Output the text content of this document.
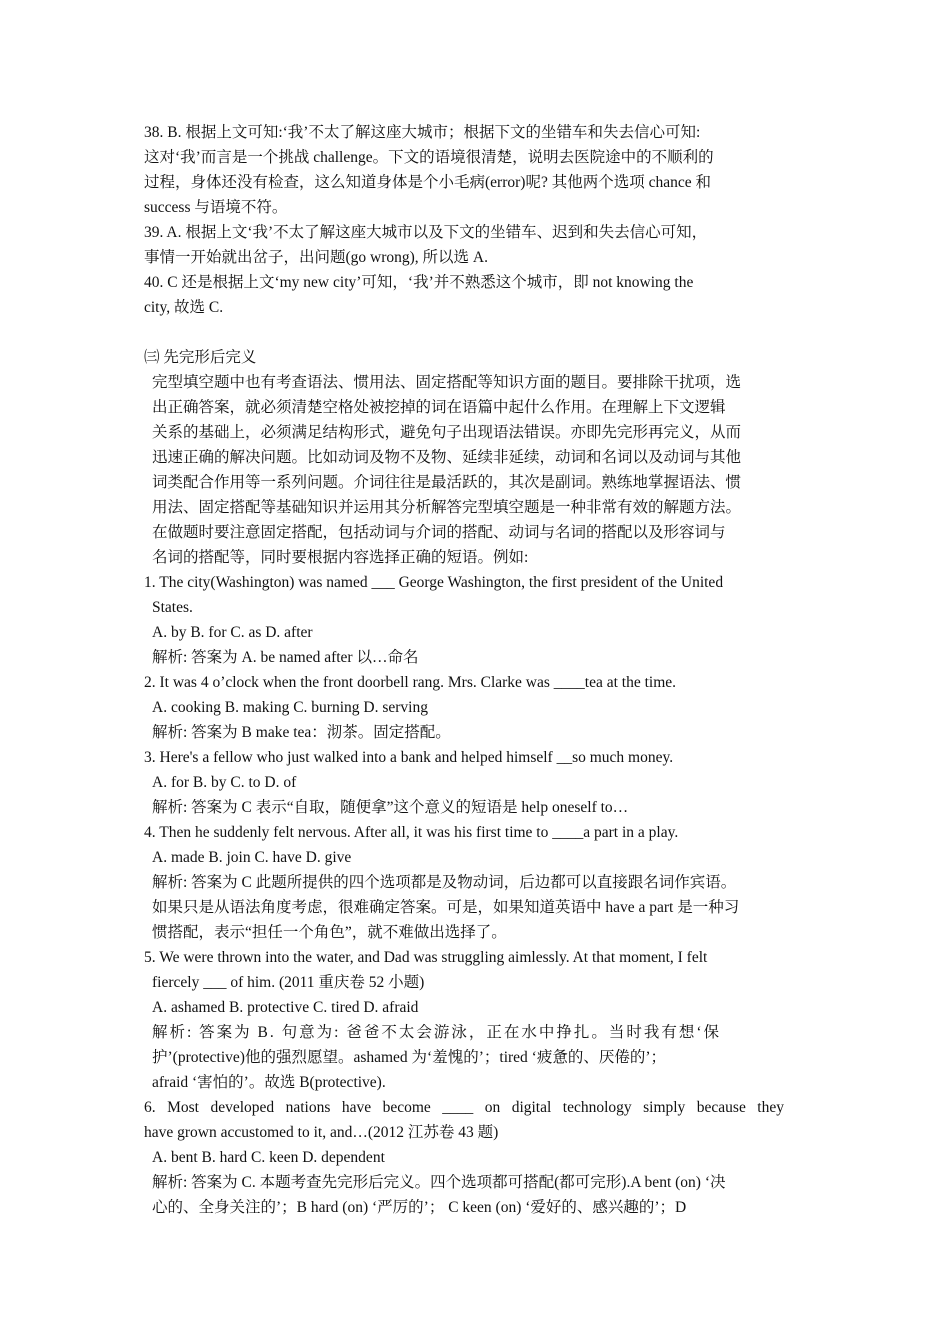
38. B. 根据上文可知:‘我’不太了解这座大城市；根据下文的坐错车和失去信心可知:

这对‘我’而言是一个挑战 challenge。下文的语境很清楚，说明去医院途中的不顺利的

过程，身体还没有检查，这么知道身体是个小毛病(error)呢? 其他两个选项 chance 和

success 与语境不符。

39. A. 根据上文‘我’不太了解这座大城市以及下文的坐错车、迟到和失去信心可知，

事情一开始就出岔子，出问题(go wrong), 所以选 A.

40. C 还是根据上文‘my new city’可知，‘我’并不熟悉这个城市，即 not knowing the

city, 故选 C.

㈢ 先完形后完义

完型填空题中也有考查语法、惯用法、固定搭配等知识方面的题目。要排除干扰项，选

出正确答案，就必须清楚空格处被挖掉的词在语篇中起什么作用。在理解上下文逻辑

关系的基础上，必须满足结构形式，避免句子出现语法错误。亦即先完形再完义，从而

迅速正确的解决问题。比如动词及物不及物、延续非延续，动词和名词以及动词与其他

词类配合作用等一系列问题。介词往往是最活跃的，其次是副词。熟练地掌握语法、惯

用法、固定搭配等基础知识并运用其分析解答完型填空题是一种非常有效的解题方法。

在做题时要注意固定搭配，包括动词与介词的搭配、动词与名词的搭配以及形容词与

名词的搭配等，同时要根据内容选择正确的短语。例如:

1. The city(Washington) was named ___ George Washington, the first president of the United

States.

A. by B. for C. as D. after

解析: 答案为 A. be named after 以…命名

2. It was 4 o’clock when the front doorbell rang. Mrs. Clarke was ____tea at the time.

A. cooking B. making C. burning D. serving

解析: 答案为 B make tea：沏茶。固定搭配。

3. Here's a fellow who just walked into a bank and helped himself __so much money.

A. for B. by C. to D. of

解析: 答案为 C 表示“自取，随便拿”这个意义的短语是 help oneself to…

4. Then he suddenly felt nervous. After all, it was his first time to ____a part in a play.

A. made B. join C. have D. give

解析: 答案为 C 此题所提供的四个选项都是及物动词，后边都可以直接跟名词作宾语。

如果只是从语法角度考虑，很难确定答案。可是，如果知道英语中 have a part 是一种习

惯搭配，表示“担任一个角色”，就不难做出选择了。

5. We were thrown into the water, and Dad was struggling aimlessly. At that moment, I felt

fiercely ___ of him. (2011 重庆卷 52 小题)

A. ashamed B. protective C. tired D. afraid

解析: 答案为 B. 句意为: 爸爸不太会游泳，正在水中挣扎。当时我有想‘保

护’(protective)他的强烈愿望。ashamed 为‘羞愧的’；tired ‘疲惫的、厌倦的’；

afraid ‘害怕的’。故选 B(protective).

6. Most developed nations have become ____ on digital technology simply because they

have grown accustomed to it, and…(2012 江苏卷 43 题)

A. bent B. hard C. keen D. dependent

解析: 答案为 C. 本题考查先完形后完义。四个选项都可搭配(都可完形).A bent (on) ‘决

心的、全身关注的’；B hard (on) ‘严厉的’； C keen (on) ‘爱好的、感兴趣的’；D
